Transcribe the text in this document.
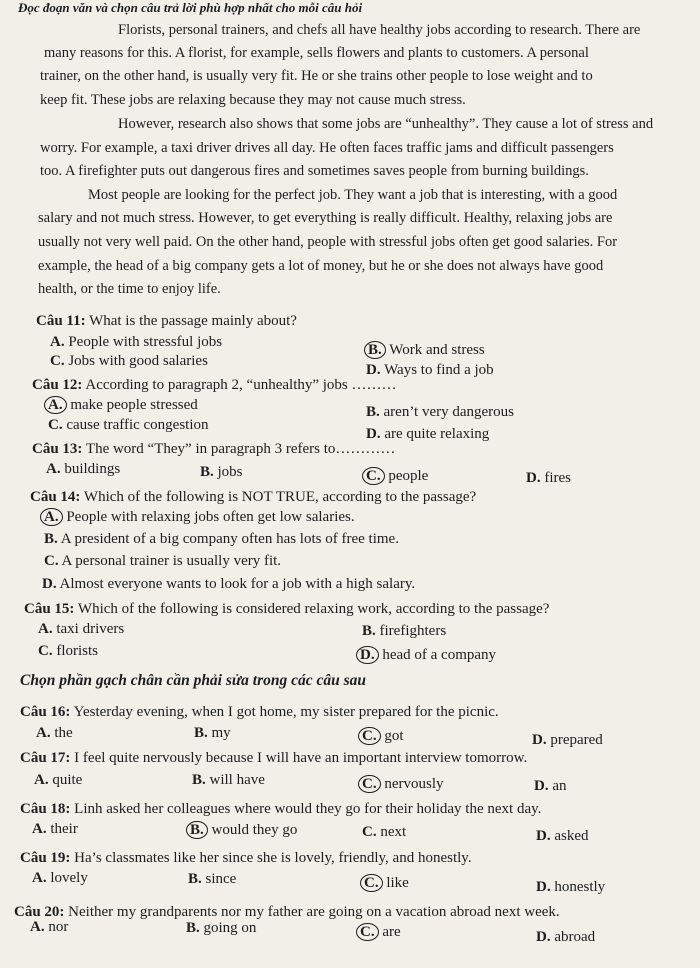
Đọc đoạn văn và chọn câu trả lời phù hợp nhất cho mỗi câu hỏi
Florists, personal trainers, and chefs all have healthy jobs according to research. There are
many reasons for this. A florist, for example, sells flowers and plants to customers. A personal
trainer, on the other hand, is usually very fit. He or she trains other people to lose weight and to
keep fit. These jobs are relaxing because they may not cause much stress.
However, research also shows that some jobs are “unhealthy”. They cause a lot of stress and
worry. For example, a taxi driver drives all day. He often faces traffic jams and difficult passengers
too. A firefighter puts out dangerous fires and sometimes saves people from burning buildings.
Most people are looking for the perfect job. They want a job that is interesting, with a good
salary and not much stress. However, to get everything is really difficult. Healthy, relaxing jobs are
usually not very well paid. On the other hand, people with stressful jobs often get good salaries. For
example, the head of a big company gets a lot of money, but he or she does not always have good
health, or the time to enjoy life.
Câu 11: What is the passage mainly about?
A. People with stressful jobs	B. Work and stress
C. Jobs with good salaries
D. Ways to find a job
Câu 12: According to paragraph 2, “unhealthy” jobs ………
A. make people stressed	B. aren’t very dangerous
C. cause traffic congestion
D. are quite relaxing
Câu 13: The word “They” in paragraph 3 refers to…………
A. buildings	B. jobs	C. people	D. fires
Câu 14: Which of the following is NOT TRUE, according to the passage?
A. People with relaxing jobs often get low salaries.
B. A president of a big company often has lots of free time.
C. A personal trainer is usually very fit.
D. Almost everyone wants to look for a job with a high salary.
Câu 15: Which of the following is considered relaxing work, according to the passage?
A. taxi drivers	B. firefighters
C. florists	D. head of a company
Chọn phần gạch chân cần phải sửa trong các câu sau
Câu 16: Yesterday evening, when I got home, my sister prepared for the picnic.
A. the	B. my	C. got	D. prepared
Câu 17: I feel quite nervously because I will have an important interview tomorrow.
A. quite	B. will have	C. nervously	D. an
Câu 18: Linh asked her colleagues where would they go for their holiday the next day.
A. their	B. would they go	C. next	D. asked
Câu 19: Ha’s classmates like her since she is lovely, friendly, and honestly.
A. lovely	B. since	C. like	D. honestly
Câu 20: Neither my grandparents nor my father are going on a vacation abroad next week.
A. nor	B. going on	C. are	D. abroad
